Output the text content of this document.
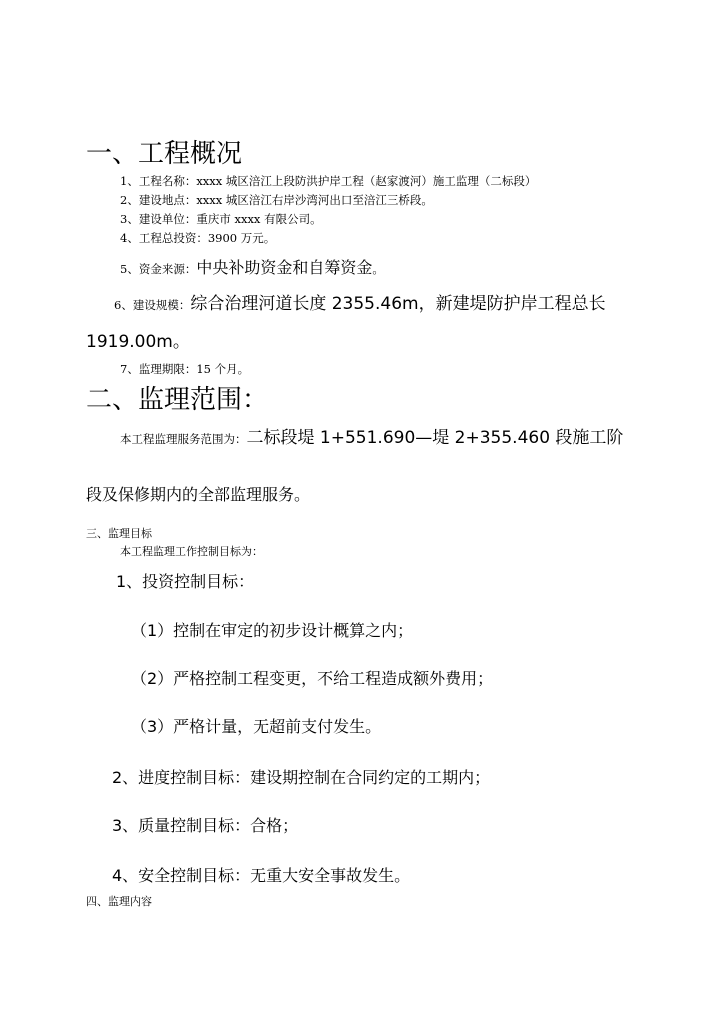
一、工程概况
1、工程名称：xxxx 城区涪江上段防洪护岸工程（赵家渡河）施工监理（二标段）
2、建设地点：xxxx 城区涪江右岸沙湾河出口至涪江三桥段。
3、建设单位：重庆市 xxxx 有限公司。
4、工程总投资：3900 万元。
5、资金来源：中央补助资金和自筹资金。
6、建设规模：综合治理河道长度 2355.46m，新建堤防护岸工程总长
1919.00m。
7、监理期限：15 个月。
二、监理范围：
本工程监理服务范围为：二标段堤 1+551.690—堤 2+355.460 段施工阶
段及保修期内的全部监理服务。
三、监理目标
本工程监理工作控制目标为：
1、投资控制目标：
（1）控制在审定的初步设计概算之内；
（2）严格控制工程变更，不给工程造成额外费用；
（3）严格计量，无超前支付发生。
2、进度控制目标：建设期控制在合同约定的工期内；
3、质量控制目标：合格；
4、安全控制目标：无重大安全事故发生。
四、监理内容
